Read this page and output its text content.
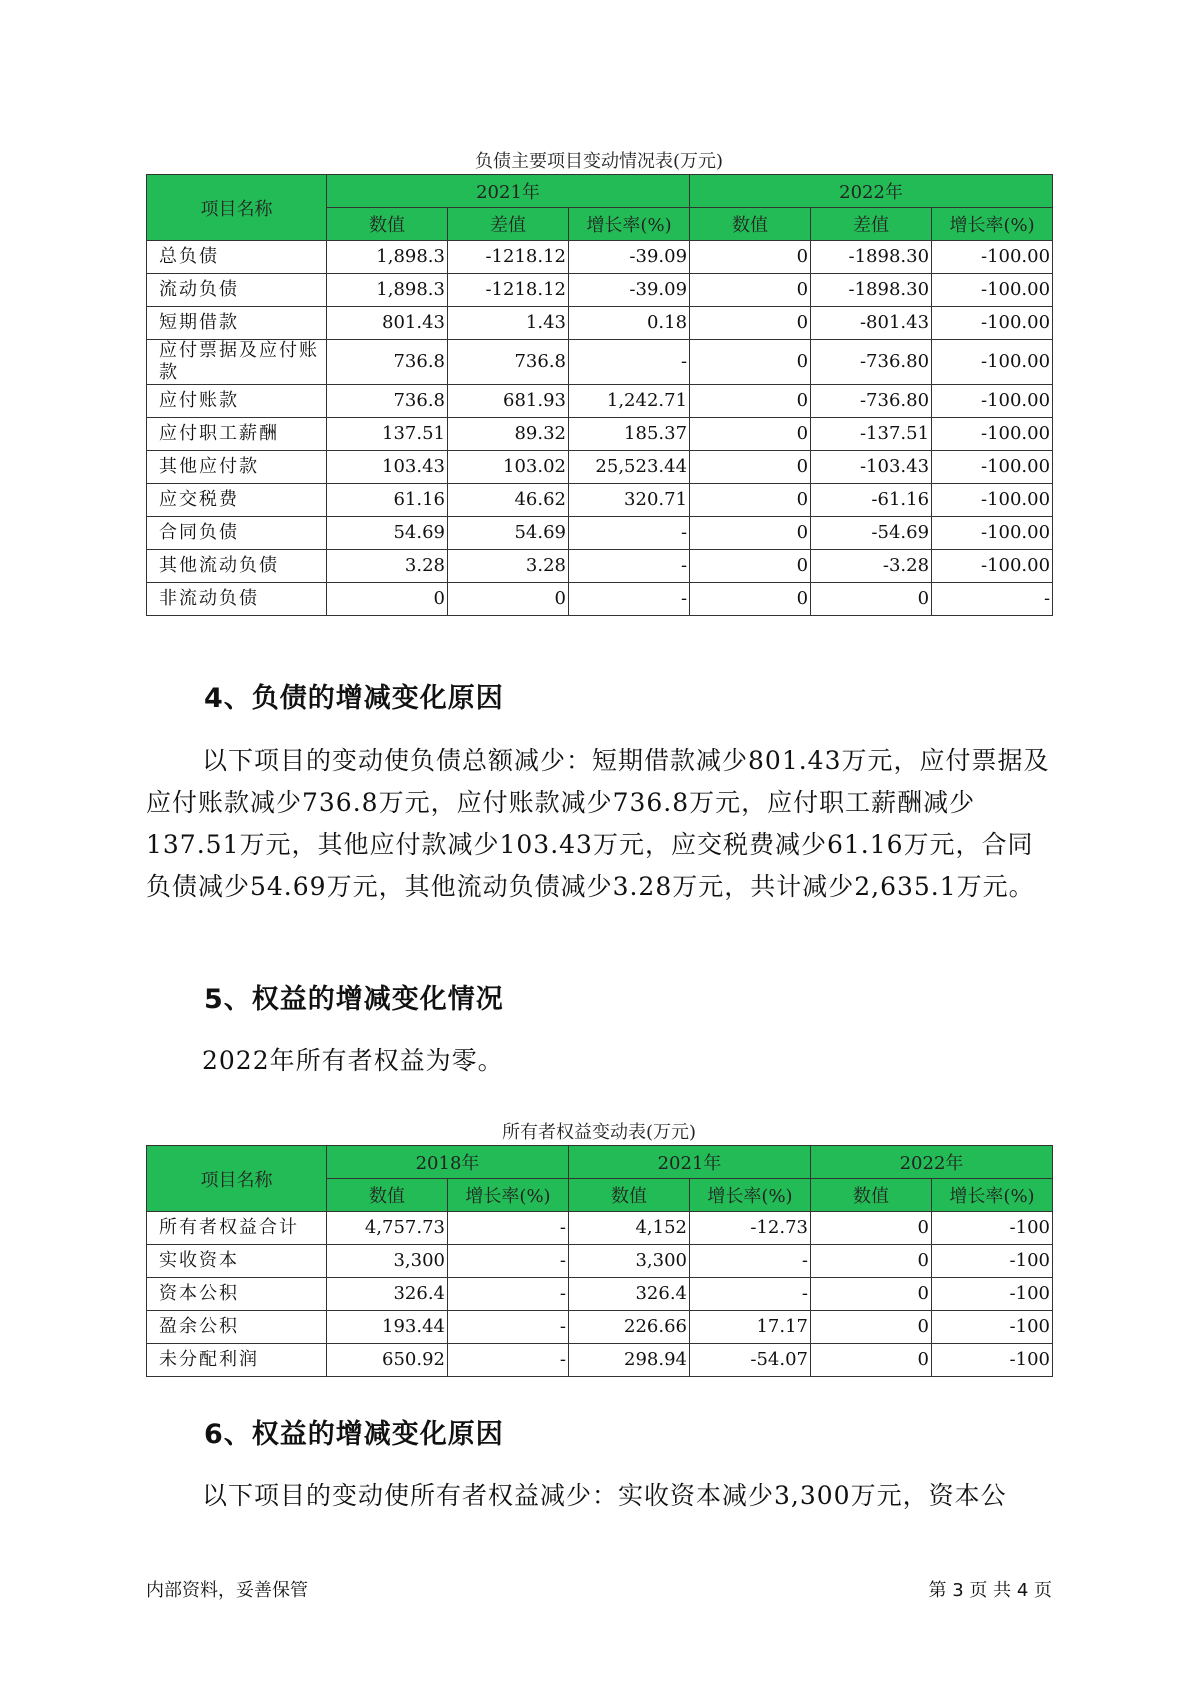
负债主要项目变动情况表(万元)
项目名称	2021年			2022年		
	数值	差值	增长率(%)	数值	差值	增长率(%)
总负债	1,898.3	-1218.12	-39.09	0	-1898.30	-100.00
流动负债	1,898.3	-1218.12	-39.09	0	-1898.30	-100.00
短期借款	801.43	1.43	0.18	0	-801.43	-100.00
应付票据及应付账款	736.8	736.8	-	0	-736.80	-100.00
应付账款	736.8	681.93	1,242.71	0	-736.80	-100.00
应付职工薪酬	137.51	89.32	185.37	0	-137.51	-100.00
其他应付款	103.43	103.02	25,523.44	0	-103.43	-100.00
应交税费	61.16	46.62	320.71	0	-61.16	-100.00
合同负债	54.69	54.69	-	0	-54.69	-100.00
其他流动负债	3.28	3.28	-	0	-3.28	-100.00
非流动负债	0	0	-	0	0	-
4、负债的增减变化原因

以下项目的变动使负债总额减少：短期借款减少801.43万元，应付票据及应付账款减少736.8万元，应付账款减少736.8万元，应付职工薪酬减少137.51万元，其他应付款减少103.43万元，应交税费减少61.16万元，合同负债减少54.69万元，其他流动负债减少3.28万元，共计减少2,635.1万元。

5、权益的增减变化情况

2022年所有者权益为零。

所有者权益变动表(万元)
项目名称	2018年		2021年		2022年	
	数值	增长率(%)	数值	增长率(%)	数值	增长率(%)
所有者权益合计	4,757.73	-	4,152	-12.73	0	-100
实收资本	3,300	-	3,300	-	0	-100
资本公积	326.4	-	326.4	-	0	-100
盈余公积	193.44	-	226.66	17.17	0	-100
未分配利润	650.92	-	298.94	-54.07	0	-100
6、权益的增减变化原因

以下项目的变动使所有者权益减少：实收资本减少3,300万元，资本公

内部资料，妥善保管	第 3 页 共 4 页
